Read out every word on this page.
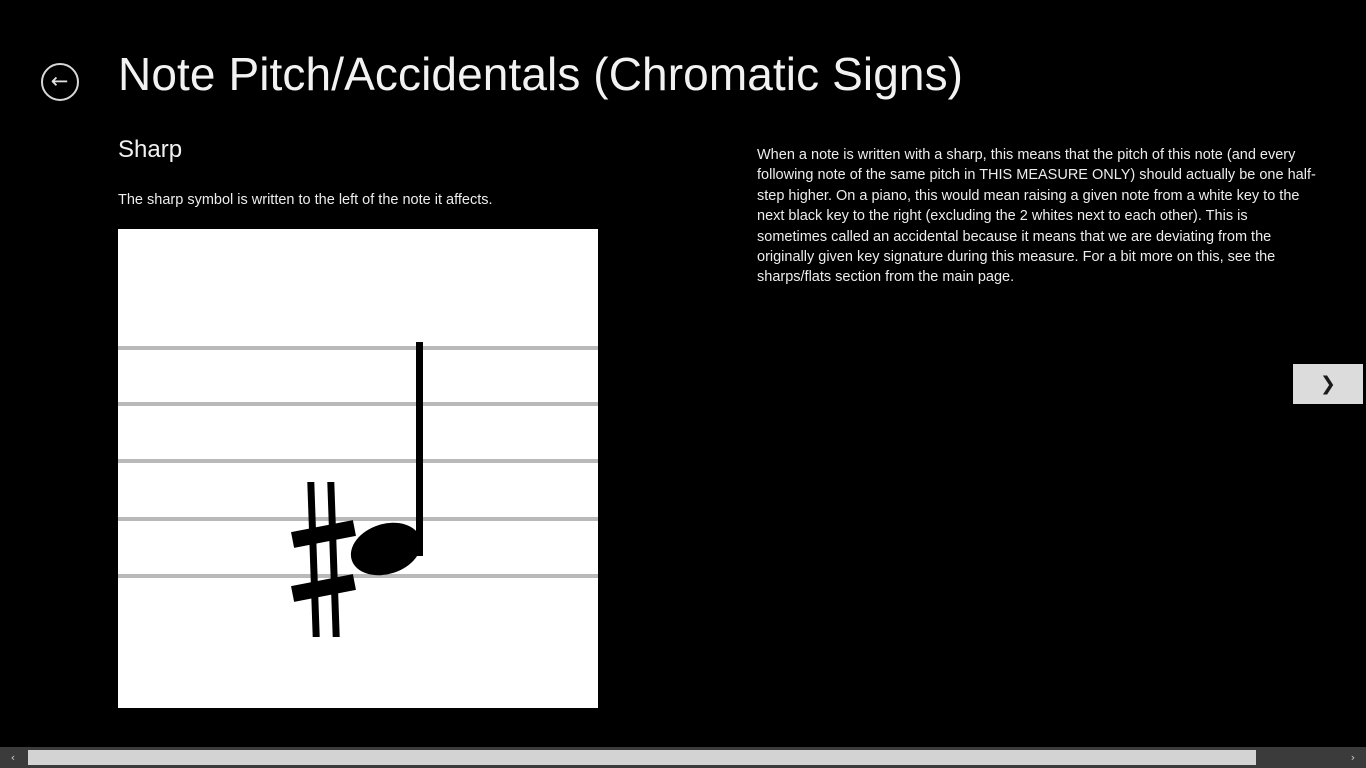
← Note Pitch/Accidentals (Chromatic Signs)
Sharp

The sharp symbol is written to the left of the note it affects.

When a note is written with a sharp, this means that the pitch of this note (and every following note of the same pitch in THIS MEASURE ONLY) should actually be one half-step higher. On a piano, this would mean raising a given note from a white key to the next black key to the right (excluding the 2 whites next to each other). This is sometimes called an accidental because it means that we are deviating from the originally given key signature during this measure. For a bit more on this, see the sharps/flats section from the main page.

❯
‹	›
